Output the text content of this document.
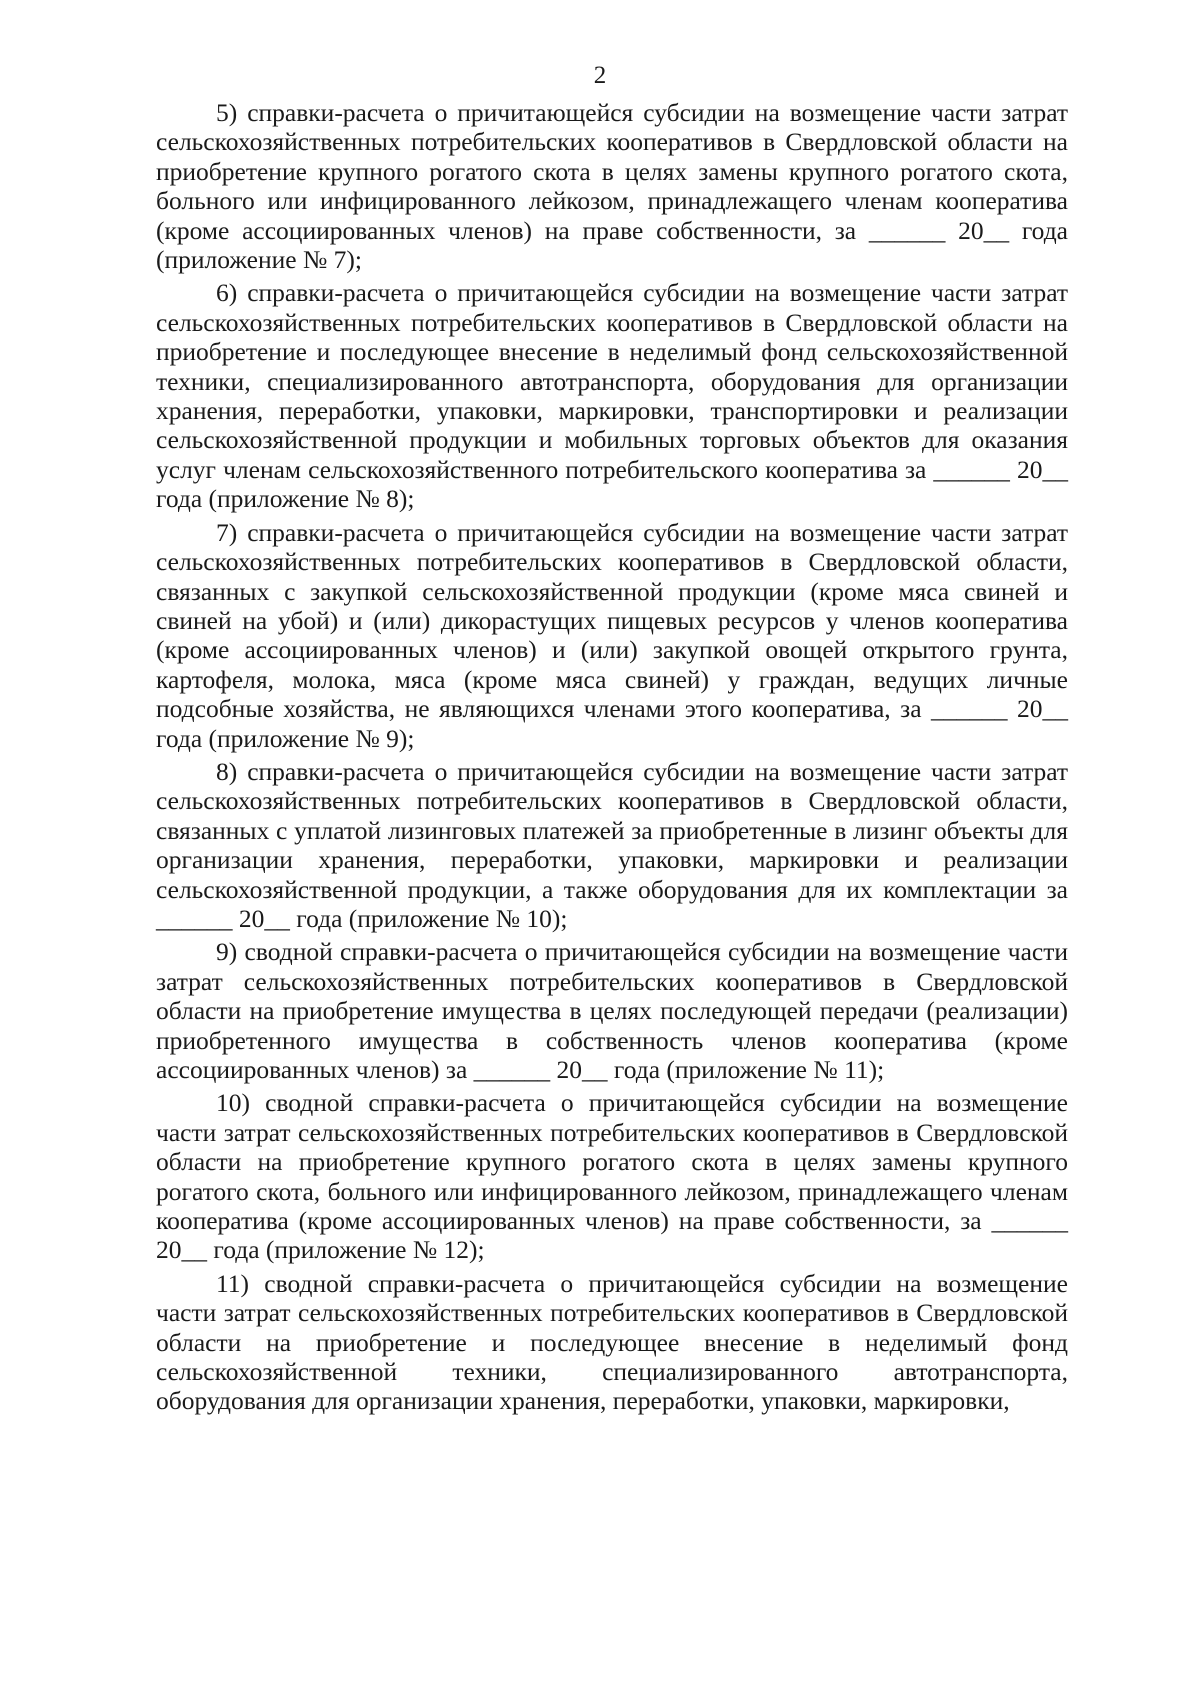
2

5) справки-расчета о причитающейся субсидии на возмещение части затрат сельскохозяйственных потребительских кооперативов в Свердловской области на приобретение крупного рогатого скота в целях замены крупного рогатого скота, больного или инфицированного лейкозом, принадлежащего членам кооператива (кроме ассоциированных членов) на праве собственности, за ______ 20__ года (приложение № 7);

6) справки-расчета о причитающейся субсидии на возмещение части затрат сельскохозяйственных потребительских кооперативов в Свердловской области на приобретение и последующее внесение в неделимый фонд сельскохозяйственной техники, специализированного автотранспорта, оборудования для организации хранения, переработки, упаковки, маркировки, транспортировки и реализации сельскохозяйственной продукции и мобильных торговых объектов для оказания услуг членам сельскохозяйственного потребительского кооператива за ______ 20__ года (приложение № 8);

7) справки-расчета о причитающейся субсидии на возмещение части затрат сельскохозяйственных потребительских кооперативов в Свердловской области, связанных с закупкой сельскохозяйственной продукции (кроме мяса свиней и свиней на убой) и (или) дикорастущих пищевых ресурсов у членов кооператива (кроме ассоциированных членов) и (или) закупкой овощей открытого грунта, картофеля, молока, мяса (кроме мяса свиней) у граждан, ведущих личные подсобные хозяйства, не являющихся членами этого кооператива, за ______ 20__ года (приложение № 9);

8) справки-расчета о причитающейся субсидии на возмещение части затрат сельскохозяйственных потребительских кооперативов в Свердловской области, связанных с уплатой лизинговых платежей за приобретенные в лизинг объекты для организации хранения, переработки, упаковки, маркировки и реализации сельскохозяйственной продукции, а также оборудования для их комплектации за ______ 20__ года (приложение № 10);

9) сводной справки-расчета о причитающейся субсидии на возмещение части затрат сельскохозяйственных потребительских кооперативов в Свердловской области на приобретение имущества в целях последующей передачи (реализации) приобретенного имущества в собственность членов кооператива (кроме ассоциированных членов) за ______ 20__ года (приложение № 11);

10) сводной справки-расчета о причитающейся субсидии на возмещение части затрат сельскохозяйственных потребительских кооперативов в Свердловской области на приобретение крупного рогатого скота в целях замены крупного рогатого скота, больного или инфицированного лейкозом, принадлежащего членам кооператива (кроме ассоциированных членов) на праве собственности, за ______ 20__ года (приложение № 12);

11) сводной справки-расчета о причитающейся субсидии на возмещение части затрат сельскохозяйственных потребительских кооперативов в Свердловской области на приобретение и последующее внесение в неделимый фонд сельскохозяйственной техники, специализированного автотранспорта, оборудования для организации хранения, переработки, упаковки, маркировки,
